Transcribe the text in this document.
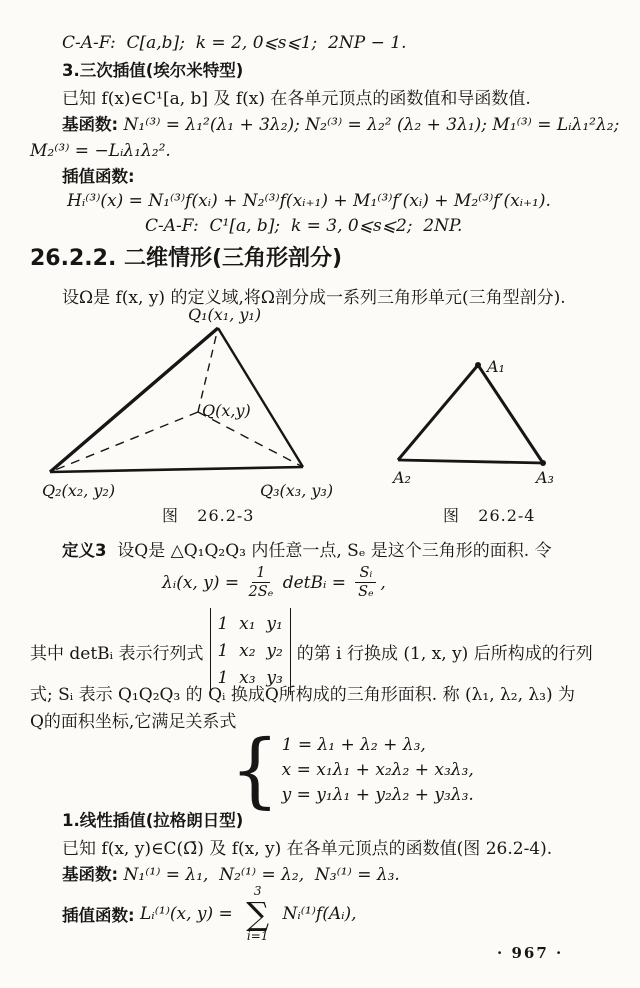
C-A-F:  C[a,b];  k = 2, 0⩽s⩽1;  2NP − 1.
3.三次插值(埃尔米特型)
已知 f(x)∈C¹[a, b] 及 f(x) 在各单元顶点的函数值和导函数值.
基函数: N₁⁽³⁾ = λ₁²(λ₁ + 3λ₂); N₂⁽³⁾ = λ₂² (λ₂ + 3λ₁); M₁⁽³⁾ = Lᵢλ₁²λ₂;
M₂⁽³⁾ = −Lᵢλ₁λ₂².
插值函数:
Hᵢ⁽³⁾(x) = N₁⁽³⁾f(xᵢ) + N₂⁽³⁾f(xᵢ₊₁) + M₁⁽³⁾f′(xᵢ) + M₂⁽³⁾f′(xᵢ₊₁).
C-A-F:  C¹[a, b];  k = 3, 0⩽s⩽2;  2NP.
26.2.2. 二维情形(三角形剖分)
设Ω是 f(x, y) 的定义域,将Ω剖分成一系列三角形单元(三角型剖分).
Q₁(x₁, y₁)
Q₂(x₂, y₂)	Q₃(x₃, y₃)
Q(x,y)
A₁
A₂	A₃
图   26.2-3	图   26.2-4
定义3  设Q是 △Q₁Q₂Q₃ 内任意一点, Sₑ 是这个三角形的面积. 令
λᵢ(x, $y) = \frac{1}{\text{2Sₑ}}$ detBᵢ = $\frac{\text{Sᵢ}}{\text{Sₑ}}$ ,
其中 detBᵢ 表示行列式
1  x₁  y₁
1  x₂  y₂
1  x₃  y₃
的第 i 行换成 (1, x, y) 后所构成的行列
式; Sᵢ 表示 Q₁Q₂Q₃ 的 Qᵢ 换成Q所构成的三角形面积. 称 (λ₁, λ₂, λ₃) 为
Q的面积坐标,它满足关系式
{ 1 = λ₁ + λ₂ + λ₃,
x = x₁λ₁ + x₂λ₂ + x₃λ₃,
y = y₁λ₁ + y₂λ₂ + y₃λ₃.
1.线性插值(拉格朗日型)
已知 f(x, y)∈C(Ω̄) 及 f(x, y) 在各单元顶点的函数值(图 26.2-4).
基函数: N₁⁽¹⁾ = λ₁,  N₂⁽¹⁾ = λ₂,  N₃⁽¹⁾ = λ₃.
插值函数:
Lᵢ⁽¹⁾(x, y) =
3
∑
i=1
Nᵢ⁽¹⁾f(Aᵢ),
· 967 ·
